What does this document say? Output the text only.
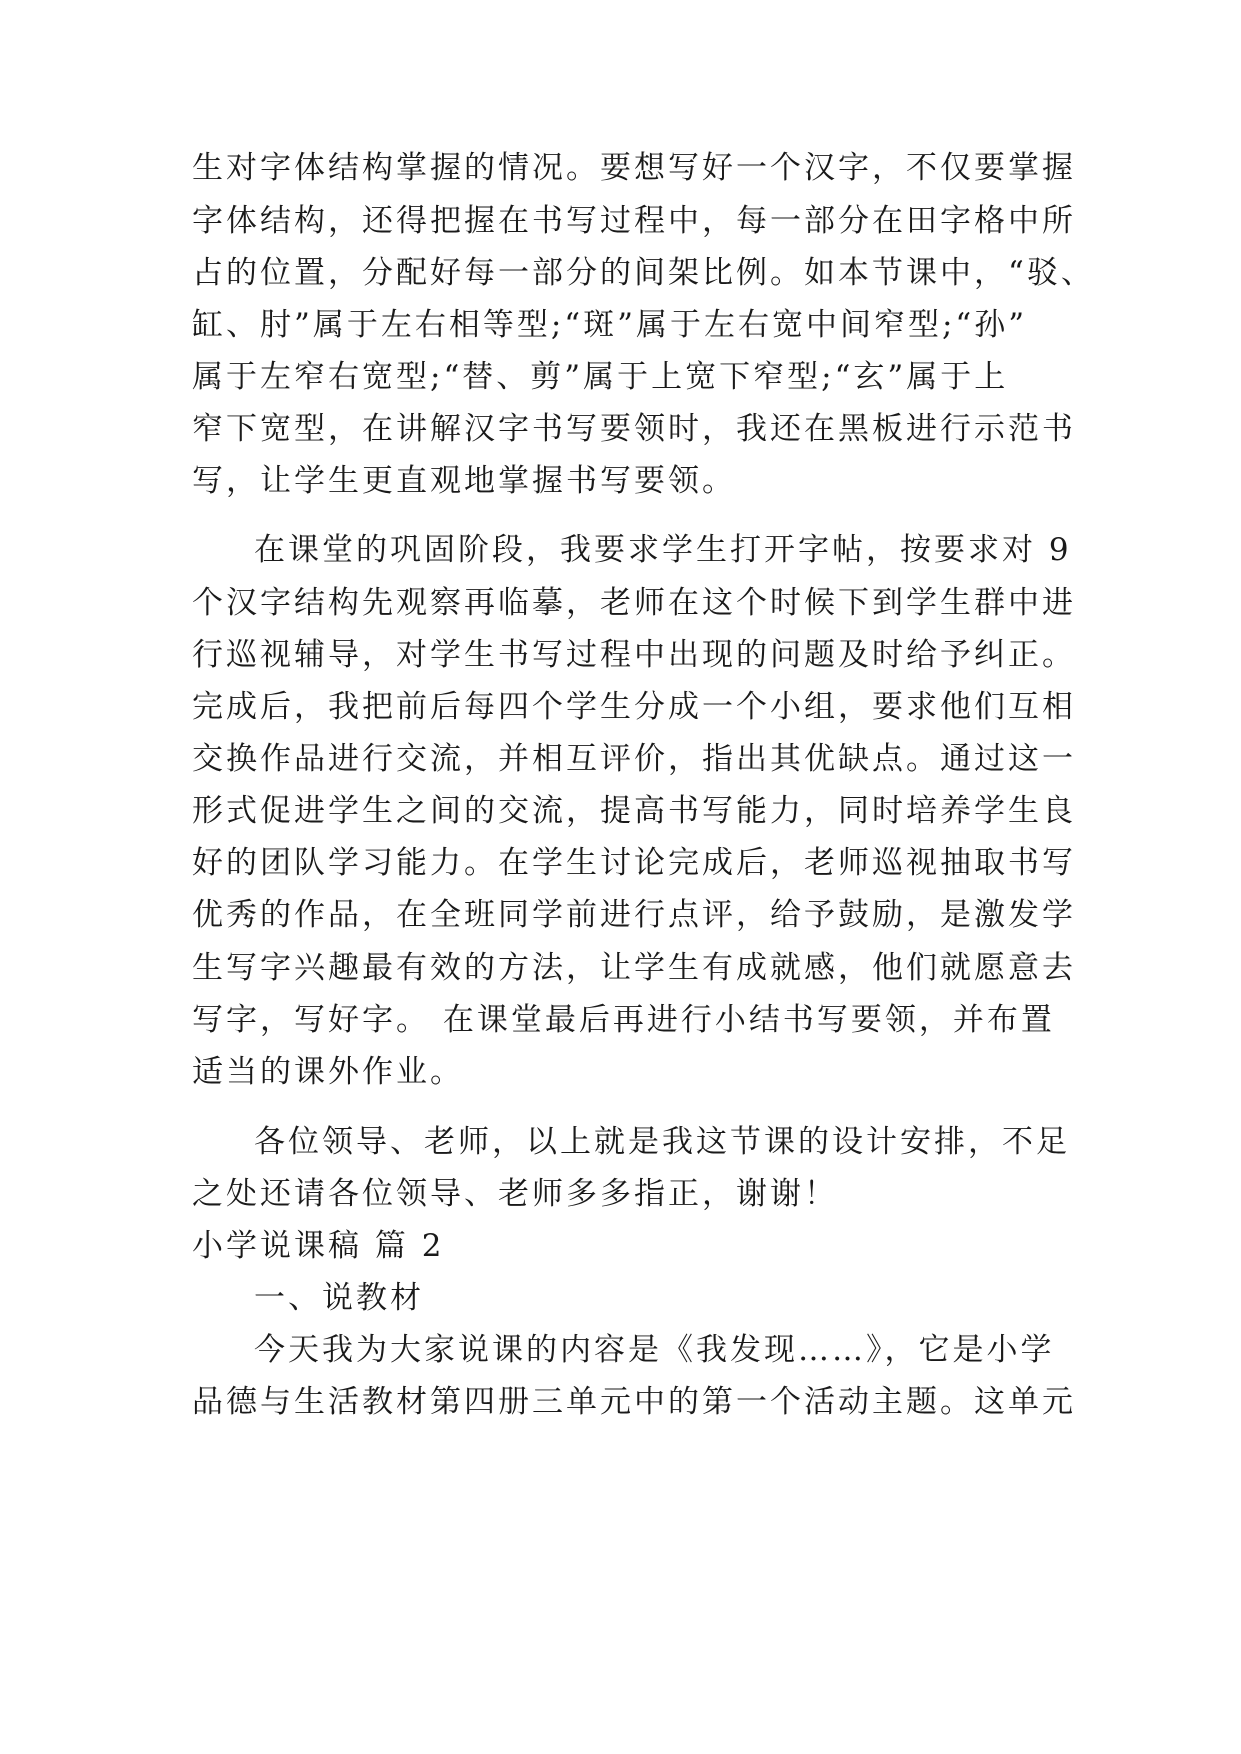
生对字体结构掌握的情况。要想写好一个汉字，不仅要掌握
字体结构，还得把握在书写过程中，每一部分在田字格中所
占的位置，分配好每一部分的间架比例。如本节课中，“驳、
缸、肘”属于左右相等型;“斑”属于左右宽中间窄型;“孙”
属于左窄右宽型;“替、剪”属于上宽下窄型;“玄”属于上
窄下宽型，在讲解汉字书写要领时，我还在黑板进行示范书
写，让学生更直观地掌握书写要领。
在课堂的巩固阶段，我要求学生打开字帖，按要求对 9
个汉字结构先观察再临摹，老师在这个时候下到学生群中进
行巡视辅导，对学生书写过程中出现的问题及时给予纠正。
完成后，我把前后每四个学生分成一个小组，要求他们互相
交换作品进行交流，并相互评价，指出其优缺点。通过这一
形式促进学生之间的交流，提高书写能力，同时培养学生良
好的团队学习能力。在学生讨论完成后，老师巡视抽取书写
优秀的作品，在全班同学前进行点评，给予鼓励，是激发学
生写字兴趣最有效的方法，让学生有成就感，他们就愿意去
写字，写好字。 在课堂最后再进行小结书写要领，并布置
适当的课外作业。
各位领导、老师，以上就是我这节课的设计安排，不足
之处还请各位领导、老师多多指正，谢谢！
小学说课稿 篇 2
一、说教材
今天我为大家说课的内容是《我发现……》，它是小学
品德与生活教材第四册三单元中的第一个活动主题。这单元
